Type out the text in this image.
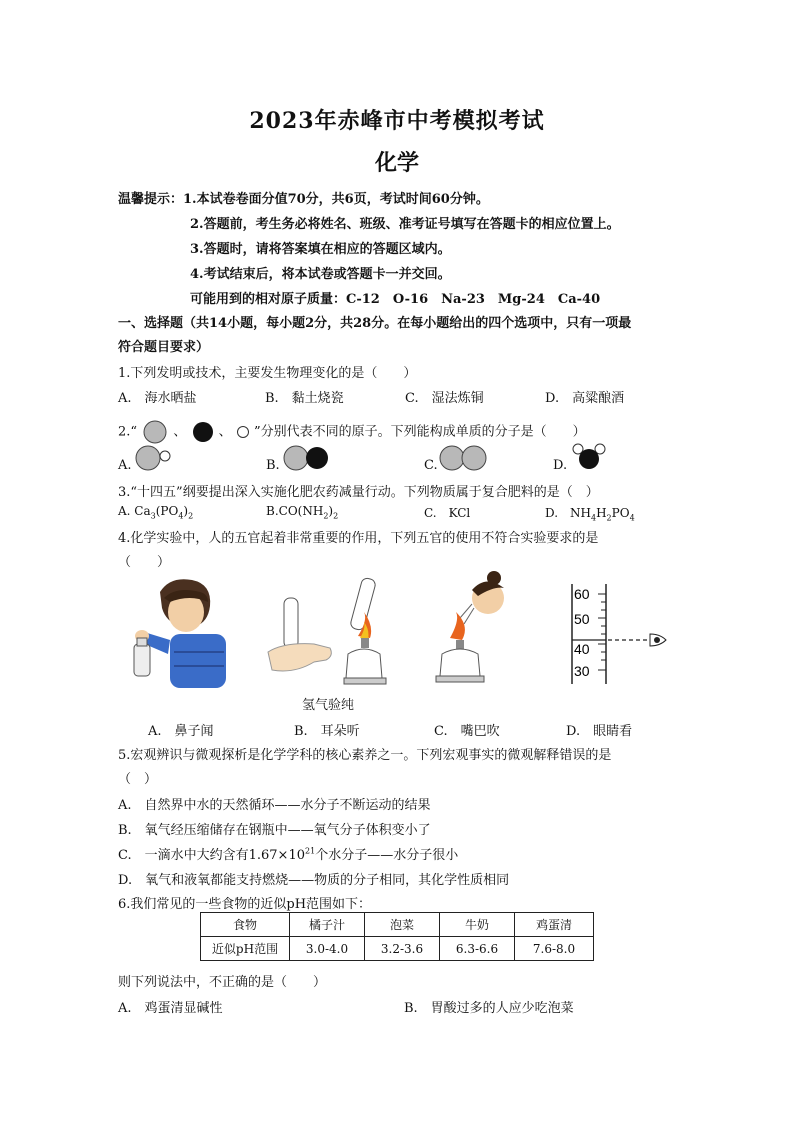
2023年赤峰市中考模拟考试
化学
温馨提示：1.本试卷卷面分值70分，共6页，考试时间60分钟。
2.答题前，考生务必将姓名、班级、准考证号填写在答题卡的相应位置上。
3.答题时，请将答案填在相应的答题区域内。
4.考试结束后，将本试卷或答题卡一并交回。
可能用到的相对原子质量：C-12　O-16　Na-23　Mg-24　Ca-40
一、选择题（共14小题，每小题2分，共28分。在每小题给出的四个选项中，只有一项最
符合题目要求）
1.下列发明或技术，主要发生物理变化的是（　　）
A.　海水晒盐	B.　黏土烧瓷	C.　湿法炼铜	D.　高粱酿酒
2.“	、 、 ”分别代表不同的原子。下列能构成单质的分子是（　　）
A.	B.	C.	D.
3.“十四五”纲要提出深入实施化肥农药减量行动。下列物质属于复合肥料的是（　）
A. $Ca_3(PO_4)_2$	$B.CO(NH_2)_2$	C.　KCl	D.　$NH_4H_2PO_4$
4.化学实验中，人的五官起着非常重要的作用，下列五官的使用不符合实验要求的是
（　　）
氢气验纯
60
50
40
30
A.　鼻子闻	B.　耳朵听	C.　嘴巴吹	D.　眼睛看
5.宏观辨识与微观探析是化学学科的核心素养之一。下列宏观事实的微观解释错误的是
（　）
A.　自然界中水的天然循环——水分子不断运动的结果
B.　氧气经压缩储存在钢瓶中——氧气分子体积变小了
C.　一滴水中大约含有$1.67\times 10^{21}$个水分子——水分子很小
D.　氧气和液氧都能支持燃烧——物质的分子相同，其化学性质相同
6.我们常见的一些食物的近似pH范围如下：
食物	橘子汁	泡菜	牛奶	鸡蛋清
近似pH范围	3.0-4.0	3.2-3.6	6.3-6.6	7.6-8.0
则下列说法中，不正确的是（　　）
A.　鸡蛋清显碱性	B.　胃酸过多的人应少吃泡菜
